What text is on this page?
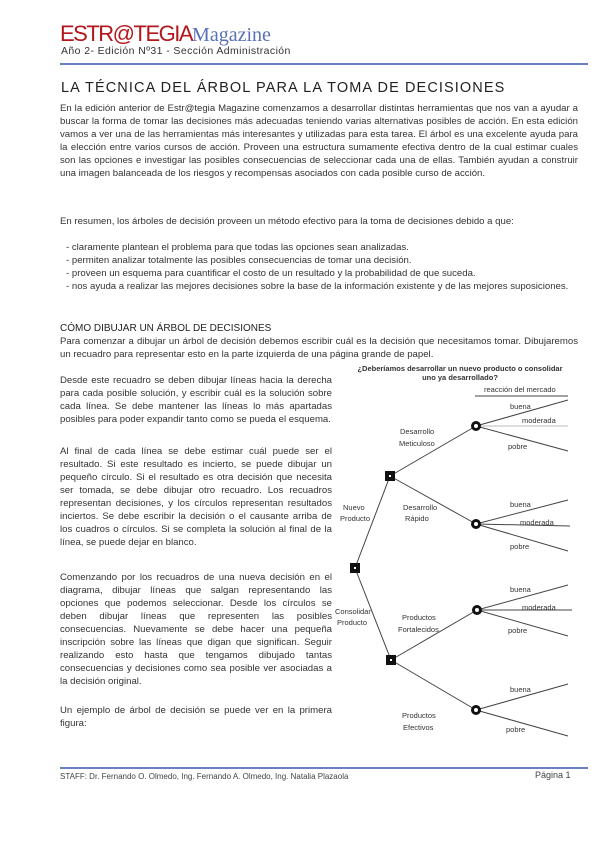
ESTR@TEGIAMagazine
Año 2- Edición Nº31 - Sección Administración
LA TÉCNICA DEL ÁRBOL PARA LA TOMA DE DECISIONES
En la edición anterior de Estr@tegia Magazine comenzamos a desarrollar distintas herramientas que nos van a ayudar a buscar la forma de tomar las decisiones más adecuadas teniendo varias alternativas posibles de acción. En esta edición vamos a ver una de las herramientas más interesantes y utilizadas para esta tarea. El árbol es una excelente ayuda para la elección entre varios cursos de acción. Proveen una estructura sumamente efectiva dentro de la cual estimar cuales son las opciones e investigar las posibles consecuencias de seleccionar cada una de ellas. También ayudan a construir una imagen balanceada de los riesgos y recompensas asociados con cada posible curso de acción.
En resumen, los árboles de decisión proveen un método efectivo para la toma de decisiones debido a que:
- claramente plantean el problema para que todas las opciones sean analizadas.
- permiten analizar totalmente las posibles consecuencias de tomar una decisión.
- proveen un esquema para cuantificar el costo de un resultado y la probabilidad de que suceda.
- nos ayuda a realizar las mejores decisiones sobre la base de la información existente y de las mejores suposiciones.
CÓMO DIBUJAR UN ÁRBOL DE DECISIONES
Para comenzar a dibujar un árbol de decisión debemos escribir cuál es la decisión que necesitamos tomar. Dibujaremos un recuadro para representar esto en la parte izquierda de una página grande de papel.
Desde este recuadro se deben dibujar líneas hacia la derecha para cada posible solución, y escribir cuál es la solución sobre cada línea. Se debe mantener las líneas lo más apartadas posibles para poder expandir tanto como se pueda el esquema.
Al final de cada línea se debe estimar cuál puede ser el resultado. Si este resultado es incierto, se puede dibujar un pequeño círculo. Si el resultado es otra decisión que necesita ser tomada, se debe dibujar otro recuadro. Los recuadros representan decisiones, y los círculos representan resultados inciertos. Se debe escribir la decisión o el causante arriba de los cuadros o círculos. Si se completa la solución al final de la línea, se puede dejar en blanco.
Comenzando por los recuadros de una nueva decisión en el diagrama, dibujar líneas que salgan representando las opciones que podemos seleccionar. Desde los círculos se deben dibujar líneas que representen las posibles consecuencias. Nuevamente se debe hacer una pequeña inscripción sobre las líneas que digan que significan. Seguir realizando esto hasta que tengamos dibujado tantas consecuencias y decisiones como sea posible ver asociadas a la decisión original.
Un ejemplo de árbol de decisión se puede ver en la primera figura:
¿Deberíamos desarrollar un nuevo producto o consolidar
uno ya desarrollado?
reacción del mercado
Nuevo
Producto
Consolidar
Producto
Desarrollo
Meticuloso
Desarrollo
Rápido
Productos
Fortalecidos
Productos
Efectivos
buena
moderada
pobre
buena
moderada
pobre
buena
moderada
pobre
buena
pobre
STAFF: Dr. Fernando O. Olmedo, Ing. Fernando A. Olmedo, Ing. Natalia Plazaola	Página 1
